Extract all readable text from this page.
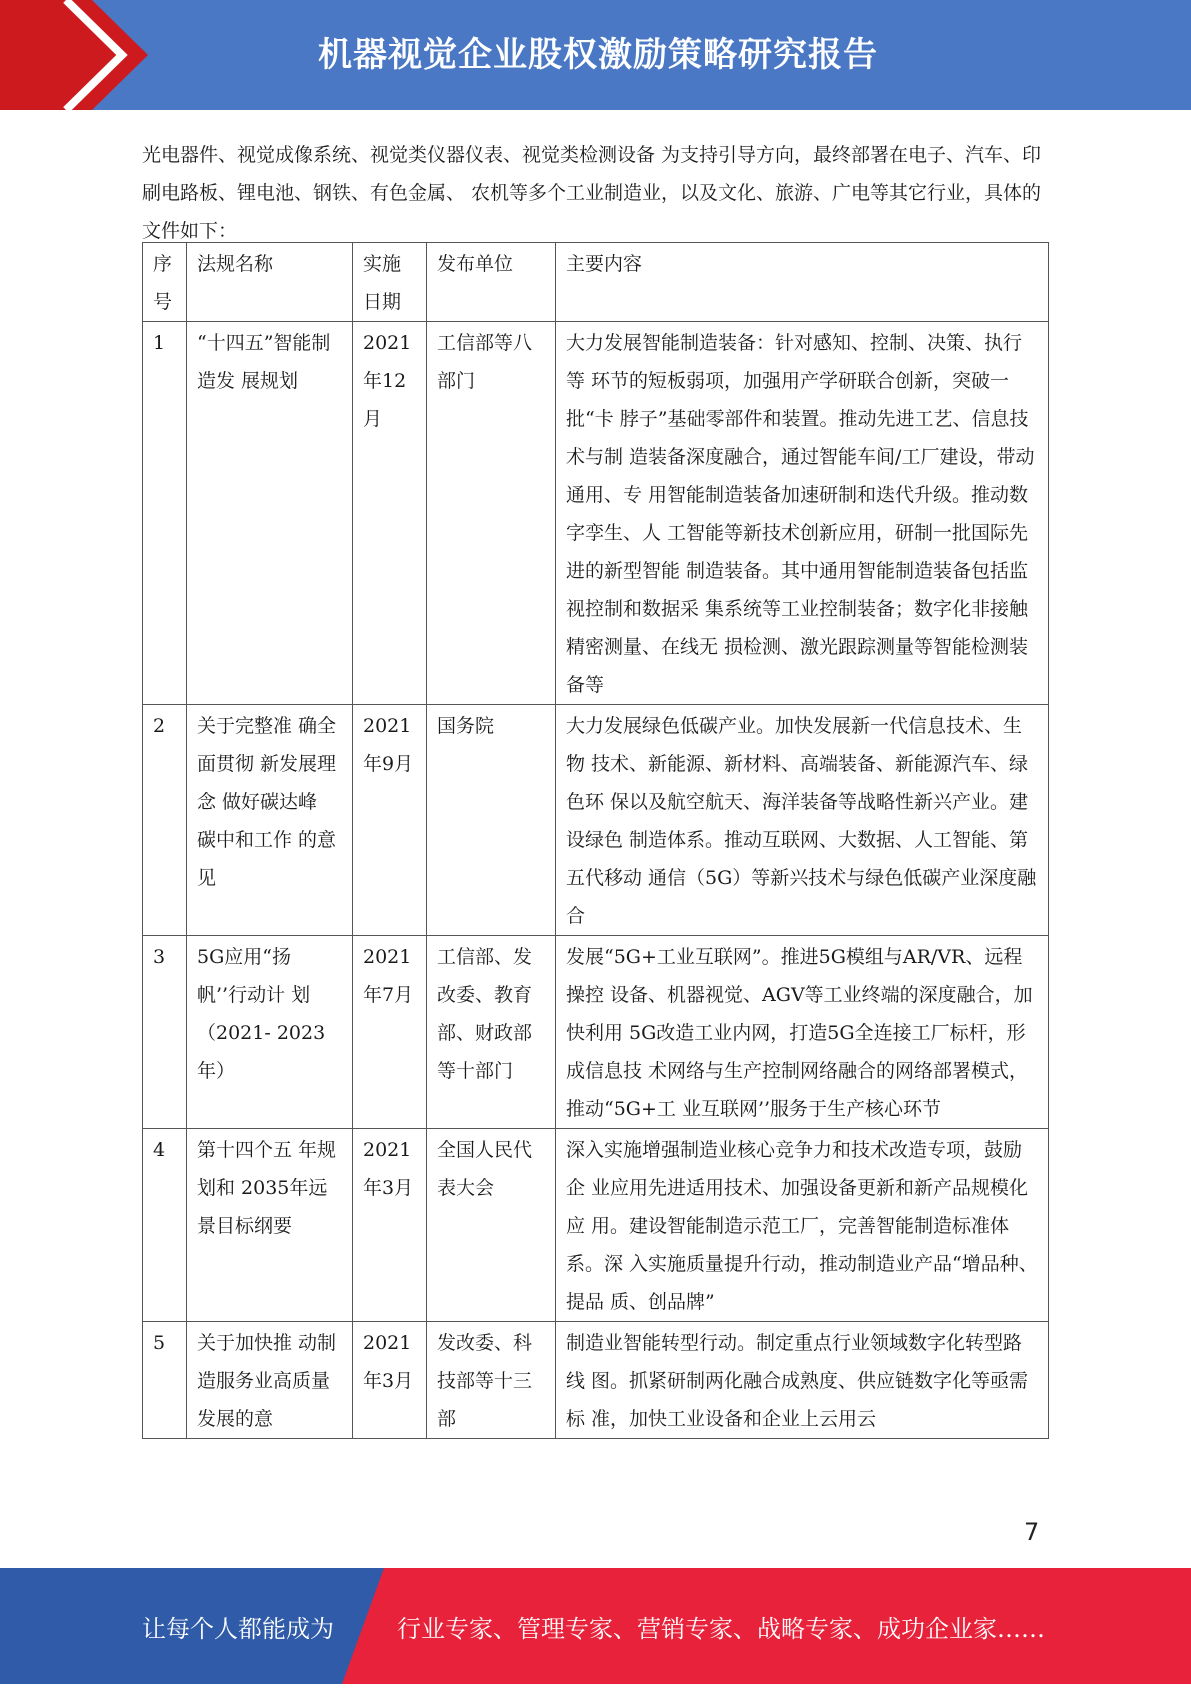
机器视觉企业股权激励策略研究报告
光电器件、视觉成像系统、视觉类仪器仪表、视觉类检测设备 为支持引导方向，最终部署在电子、汽车、印刷电路板、锂电池、钢铁、有色金属、 农机等多个工业制造业，以及文化、旅游、广电等其它行业，具体的文件如下：
序号	法规名称	实施日期	发布单位	主要内容
1	“十四五”智能制造发 展规划	2021年12月	工信部等八部门	大力发展智能制造装备：针对感知、控制、决策、执行等 环节的短板弱项，加强用产学研联合创新，突破一批“卡 脖子”基础零部件和装置。推动先进工艺、信息技术与制 造装备深度融合，通过智能车间/工厂建设，带动通用、专 用智能制造装备加速研制和迭代升级。推动数字孪生、人 工智能等新技术创新应用，研制一批国际先进的新型智能 制造装备。其中通用智能制造装备包括监视控制和数据采 集系统等工业控制装备；数字化非接触精密测量、在线无 损检测、激光跟踪测量等智能检测装备等
2	关于完整准 确全面贯彻 新发展理念 做好碳达峰 碳中和工作 的意见	2021年9月	国务院	大力发展绿色低碳产业。加快发展新一代信息技术、生物 技术、新能源、新材料、高端装备、新能源汽车、绿色环 保以及航空航天、海洋装备等战略性新兴产业。建设绿色 制造体系。推动互联网、大数据、人工智能、第五代移动 通信（5G）等新兴技术与绿色低碳产业深度融合
3	5G应用“扬 帆’’行动计 划（2021- 2023年）	2021年7月	工信部、发改委、教育部、财政部等十部门	发展“5G+工业互联网”。推进5G模组与AR/VR、远程操控 设备、机器视觉、AGV等工业终端的深度融合，加快利用 5G改造工业内网，打造5G全连接工厂标杆，形成信息技 术网络与生产控制网络融合的网络部署模式，推动“5G+工 业互联网’’服务于生产核心环节
4	第十四个五 年规划和 2035年远 景目标纲要	2021年3月	全国人民代表大会	深入实施增强制造业核心竞争力和技术改造专项，鼓励企 业应用先进适用技术、加强设备更新和新产品规模化应 用。建设智能制造示范工厂，完善智能制造标准体系。深 入实施质量提升行动，推动制造业产品“增品种、提品 质、创品牌”
5	关于加快推 动制造服务业高质量发展的意	2021年3月	发改委、科技部等十三部	制造业智能转型行动。制定重点行业领域数字化转型路线 图。抓紧研制两化融合成熟度、供应链数字化等亟需标 准，加快工业设备和企业上云用云
7
让每个人都能成为	行业专家、管理专家、营销专家、战略专家、成功企业家……
